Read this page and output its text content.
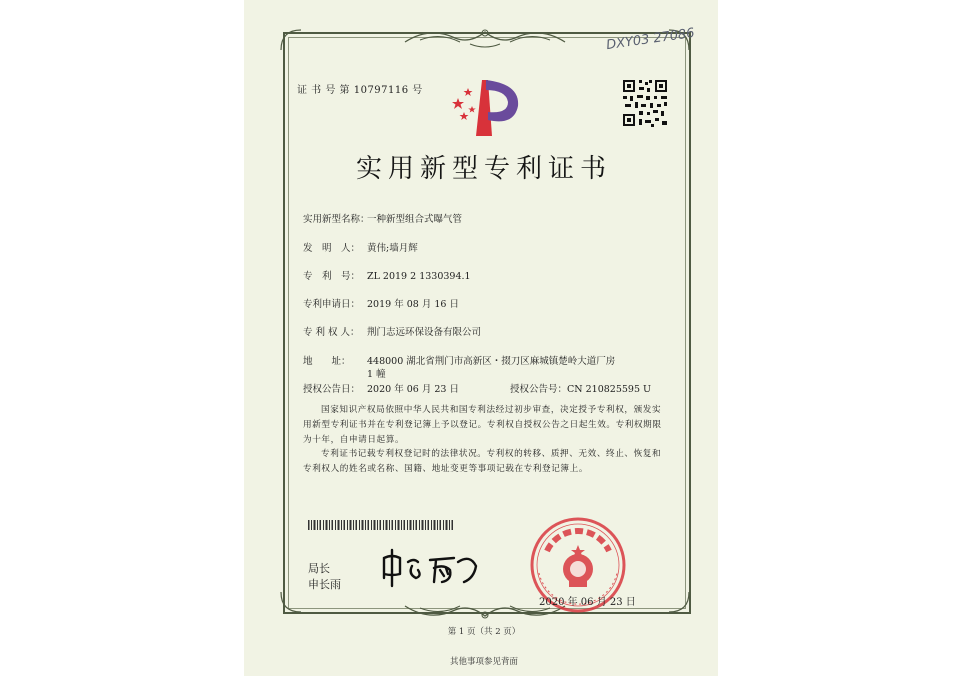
DXY03 27086
证 书 号 第 10797116 号
实用新型专利证书
实用新型名称：一种新型组合式曝气管
发　明　人： 黄伟;墙月辉
专　利　号： ZL 2019 2 1330394.1
专利申请日： 2019 年 08 月 16 日
专 利 权 人： 荆门志远环保设备有限公司
地　　址： 448000 湖北省荆门市高新区・掇刀区麻城镇楚岭大道厂房
1 幢
授权公告日： 2020 年 06 月 23 日	授权公告号：CN 210825595 U
国家知识产权局依照中华人民共和国专利法经过初步审查，决定授予专利权，颁发实用新型专利证书并在专利登记簿上予以登记。专利权自授权公告之日起生效。专利权期限为十年，自申请日起算。
专利证书记载专利权登记时的法律状况。专利权的转移、质押、无效、终止、恢复和专利权人的姓名或名称、国籍、地址变更等事项记载在专利登记簿上。
局长
申长雨
2020 年 06 月 23 日
第 1 页（共 2 页）
其他事项参见背面
